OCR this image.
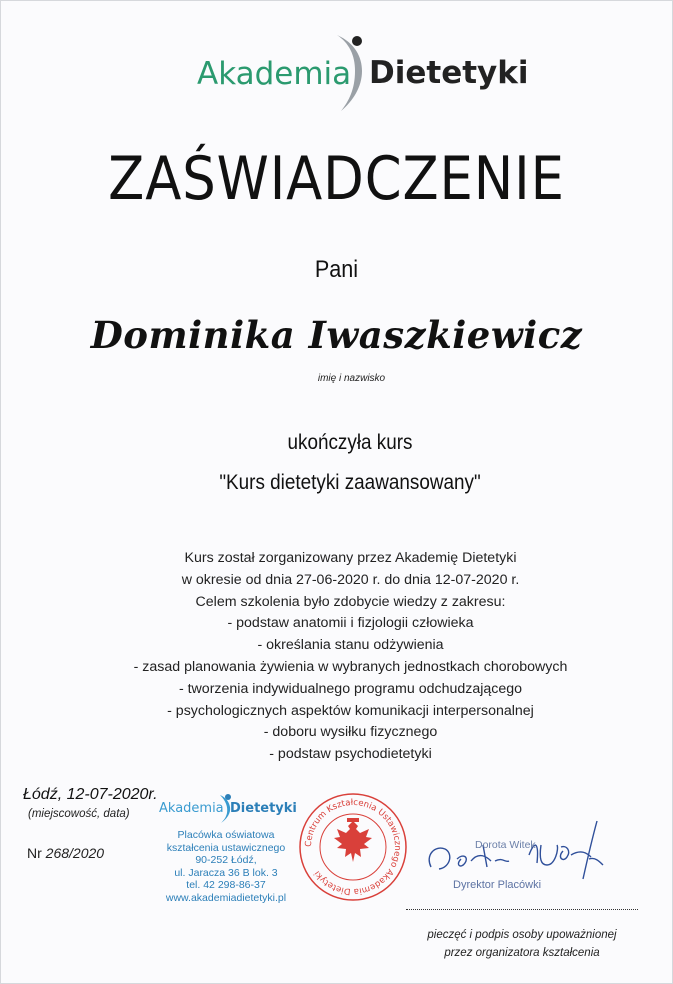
Akademia Dietetyki
ZAŚWIADCZENIE
Pani
Dominika Iwaszkiewicz
imię i nazwisko
ukończyła kurs
"Kurs dietetyki zaawansowany"
Kurs został zorganizowany przez Akademię Dietetyki
w okresie od dnia 27-06-2020 r. do dnia 12-07-2020 r.
Celem szkolenia było zdobycie wiedzy z zakresu:
- podstaw anatomii i fizjologii człowieka
- określania stanu odżywienia
- zasad planowania żywienia w wybranych jednostkach chorobowych
- tworzenia indywidualnego programu odchudzającego
- psychologicznych aspektów komunikacji interpersonalnej
- doboru wysiłku fizycznego
- podstaw psychodietetyki
Łódź, 12-07-2020r.
(miejscowość, data)
Nr 268/2020
Akademia Dietetyki
Placówka oświatowa
kształcenia ustawicznego
90-252 Łódź,
ul. Jaracza 36 B lok. 3
tel. 42 298-86-37
www.akademiadietetyki.pl
Centrum Kształcenia Ustawicznego Akademia Dietetyki
Dorota Witek
Dyrektor Placówki
pieczęć i podpis osoby upoważnionej
przez organizatora kształcenia
